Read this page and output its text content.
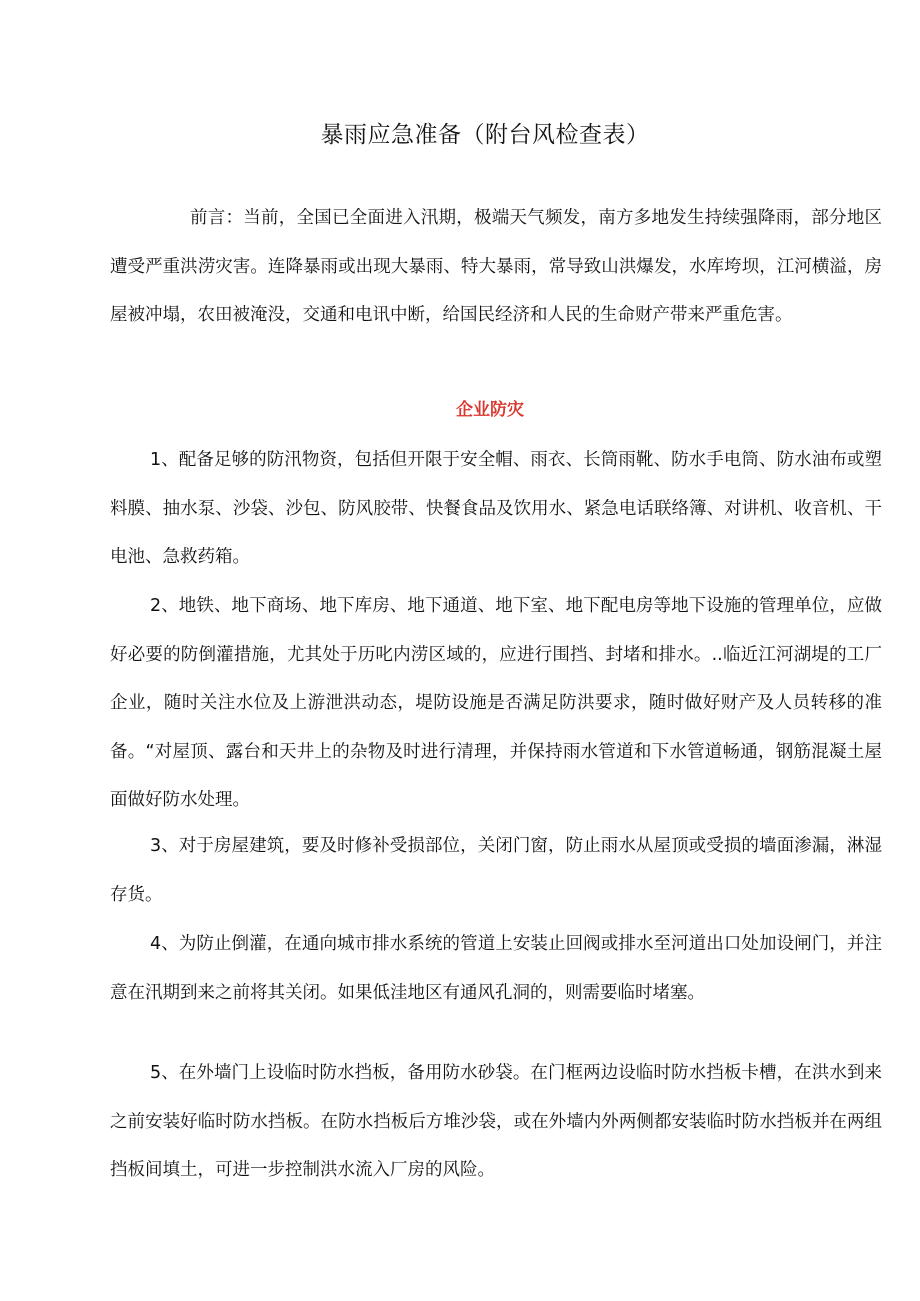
暴雨应急准备（附台风检查表）

前言：当前，全国已全面进入汛期，极端天气频发，南方多地发生持续强降雨，部分地区遭受严重洪涝灾害。连降暴雨或出现大暴雨、特大暴雨，常导致山洪爆发，水库垮坝，江河横溢，房屋被冲塌，农田被淹没，交通和电讯中断，给国民经济和人民的生命财产带来严重危害。

企业防灾

1、配备足够的防汛物资，包括但开限于安全帽、雨衣、长筒雨靴、防水手电筒、防水油布或塑料膜、抽水泵、沙袋、沙包、防风胶带、快餐食品及饮用水、紧急电话联络簿、对讲机、收音机、干电池、急救药箱。

2、地铁、地下商场、地下库房、地下通道、地下室、地下配电房等地下设施的管理单位，应做好必要的防倒灌措施，尤其处于历叱内涝区域的，应进行围挡、封堵和排水。..临近江河湖堤的工厂企业，随时关注水位及上游泄洪动态，堤防设施是否满足防洪要求，随时做好财产及人员转移的准备。“对屋顶、露台和天井上的杂物及时进行清理，并保持雨水管道和下水管道畅通，钢筋混凝土屋面做好防水处理。

3、对于房屋建筑，要及时修补受损部位，关闭门窗，防止雨水从屋顶或受损的墙面渗漏，淋湿存货。

4、为防止倒灌，在通向城市排水系统的管道上安装止回阀或排水至河道出口处加设闸门，并注意在汛期到来之前将其关闭。如果低洼地区有通风孔洞的，则需要临时堵塞。

5、在外墙门上设临时防水挡板，备用防水砂袋。在门框两边设临时防水挡板卡槽，在洪水到来之前安装好临时防水挡板。在防水挡板后方堆沙袋，或在外墙内外两侧都安装临时防水挡板并在两组挡板间填土，可进一步控制洪水流入厂房的风险。
